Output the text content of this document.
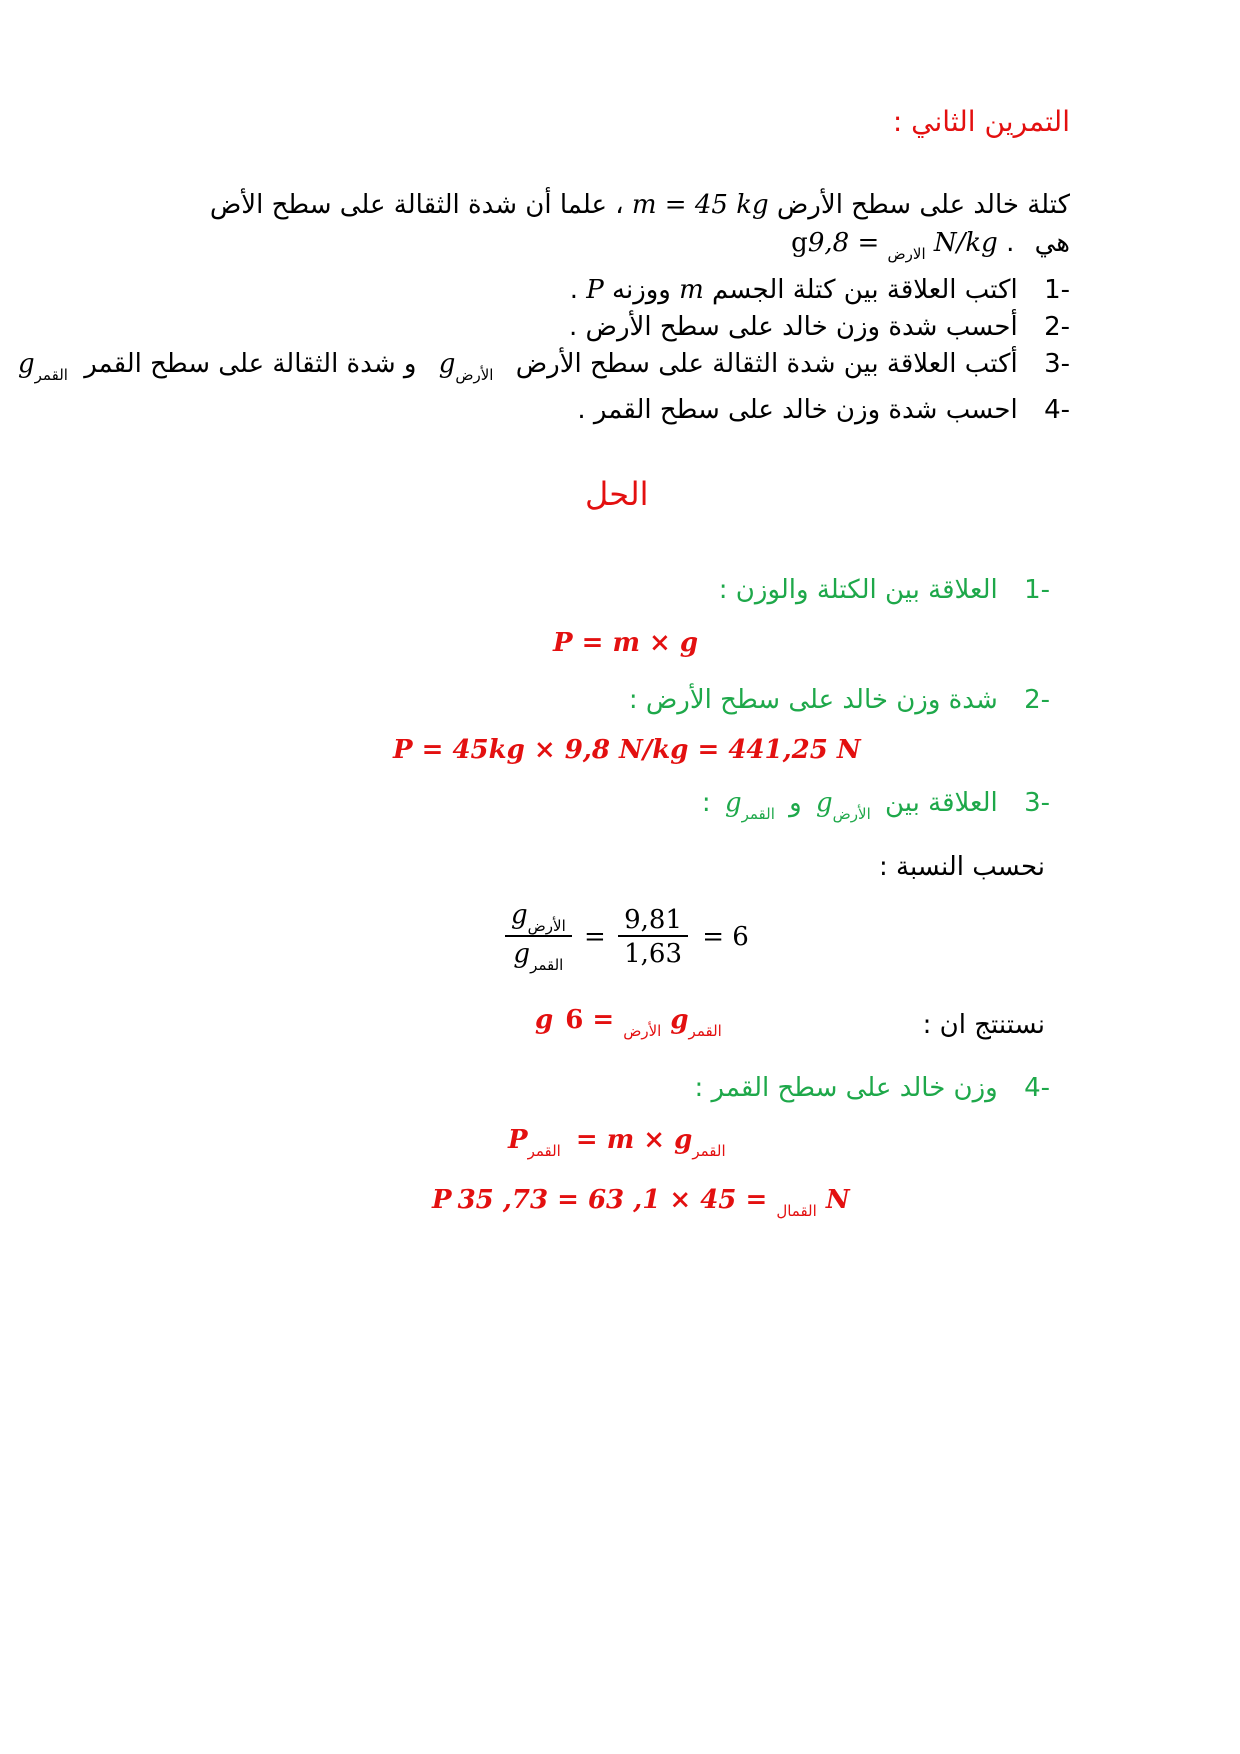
التمرين الثاني :
كتلة خالد على سطح الأرض m = 45 kg ، علما أن شدة الثقالة على سطح الأض
هي g	$_{الارض}$ = 9,8 N/kg .
-1 اكتب العلاقة بين كتلة الجسم m ووزنه P .
-2 أحسب شدة وزن خالد على سطح الأرض .
-3 أكتب العلاقة بين شدة الثقالة على سطح الأرض $g_{الأرض}$ و شدة الثقالة على سطح القمر $g_{القمر}$
-4 احسب شدة وزن خالد على سطح القمر .
الحل
-1 العلاقة بين الكتلة والوزن :
P = m × g
-2 شدة وزن خالد على سطح الأرض :
P = 45kg × 9,8 N/kg = 441,25 N
-3 العلاقة بين $g_{الأرض}$ و $g_{القمر}$ :
نحسب النسبة :
$\frac{g_{الأرض}}{g_{القمر}} = \frac{9,81}{1,63} = 6$
نستنتج ان :
g	$_{الأرض}$ = 6 $g_{القمر}$
-4 وزن خالد على سطح القمر :
$P_{القمر} = m \times g_{القمر}$
P	$_{القمال}$ = 45 × 1, 63 = 73, 35 N
